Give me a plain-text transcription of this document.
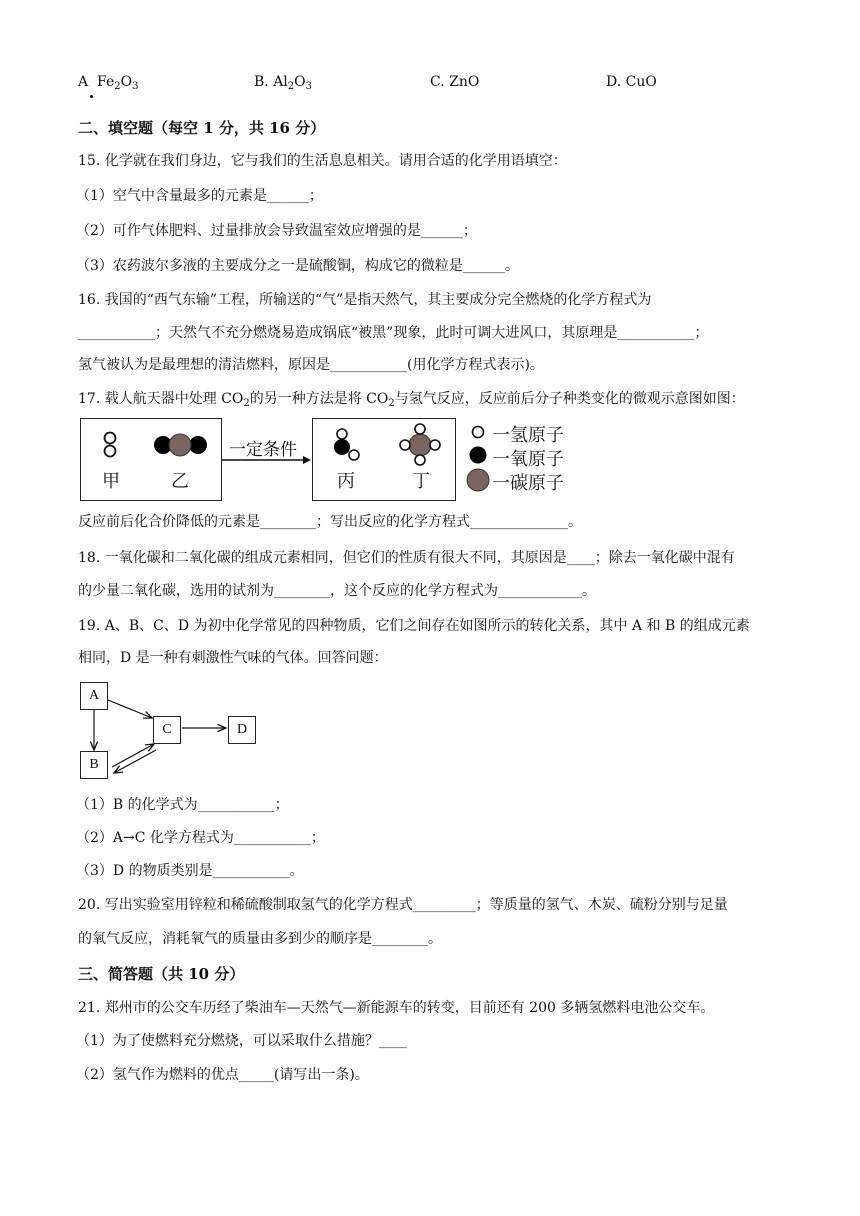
A $Fe_2O_3$	B. $Al_2O_3$	C. ZnO	D. CuO
二、填空题（每空 1 分，共 16 分）
15. 化学就在我们身边，它与我们的生活息息相关。请用合适的化学用语填空：
（1）空气中含量最多的元素是______；
（2）可作气体肥料、过量排放会导致温室效应增强的是______；
（3）农药波尔多液的主要成分之一是硫酸铜，构成它的微粒是______。
16. 我国的“西气东输”工程，所输送的“气”是指天然气，其主要成分完全燃烧的化学方程式为
___________；天然气不充分燃烧易造成锅底“被黑”现象，此时可调大进风口，其原理是___________；
氢气被认为是最理想的清洁燃料，原因是___________(用化学方程式表示)。
17. 载人航天器中处理 $CO_2$的另一种方法是将 $CO_2$与氢气反应，反应前后分子种类变化的微观示意图如图：
甲	乙
一定条件
丙	丁
一氢原子
一氧原子
一碳原子
反应前后化合价降低的元素是________；写出反应的化学方程式______________。
18. 一氧化碳和二氧化碳的组成元素相同，但它们的性质有很大不同，其原因是____；除去一氧化碳中混有
的少量二氧化碳，选用的试剂为________，这个反应的化学方程式为____________。
19. A、B、C、D 为初中化学常见的四种物质，它们之间存在如图所示的转化关系，其中 A 和 B 的组成元素
相同，D 是一种有刺激性气味的气体。回答问题：
A
B
C	D
（1）B 的化学式为___________；
（2）A→C 化学方程式为___________；
（3）D 的物质类别是___________。
20. 写出实验室用锌粒和稀硫酸制取氢气的化学方程式_________；等质量的氢气、木炭、硫粉分别与足量
的氧气反应，消耗氧气的质量由多到少的顺序是________。
三、简答题（共 10 分）
21. 郑州市的公交车历经了柴油车—天然气—新能源车的转变，目前还有 200 多辆氢燃料电池公交车。
（1）为了使燃料充分燃烧，可以采取什么措施？____
（2）氢气作为燃料的优点_____(请写出一条)。
